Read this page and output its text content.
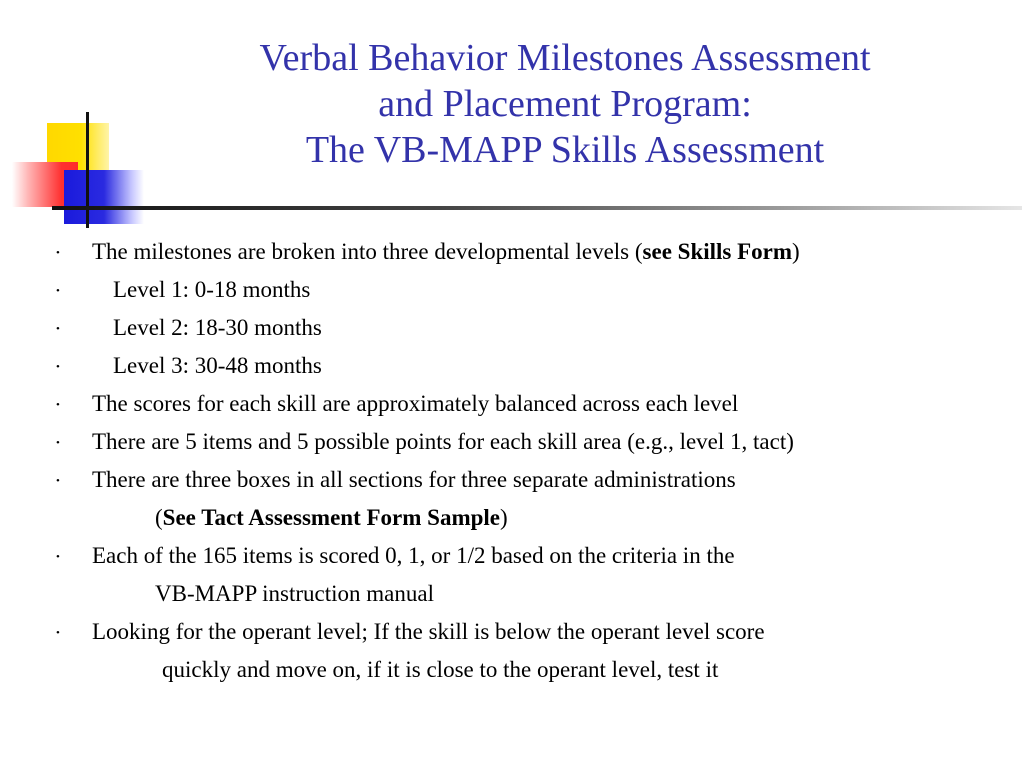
Verbal Behavior Milestones Assessment
and Placement Program:
The VB-MAPP Skills Assessment
• The milestones are broken into three developmental levels (see Skills Form)
• Level 1: 0-18 months
• Level 2: 18-30 months
• Level 3: 30-48 months
• The scores for each skill are approximately balanced across each level
• There are 5 items and 5 possible points for each skill area (e.g., level 1, tact)
• There are three boxes in all sections for three separate administrations
(See Tact Assessment Form Sample)
• Each of the 165 items is scored 0, 1, or 1/2 based on the criteria in the
VB-MAPP instruction manual
• Looking for the operant level; If the skill is below the operant level score
quickly and move on, if it is close to the operant level, test it
